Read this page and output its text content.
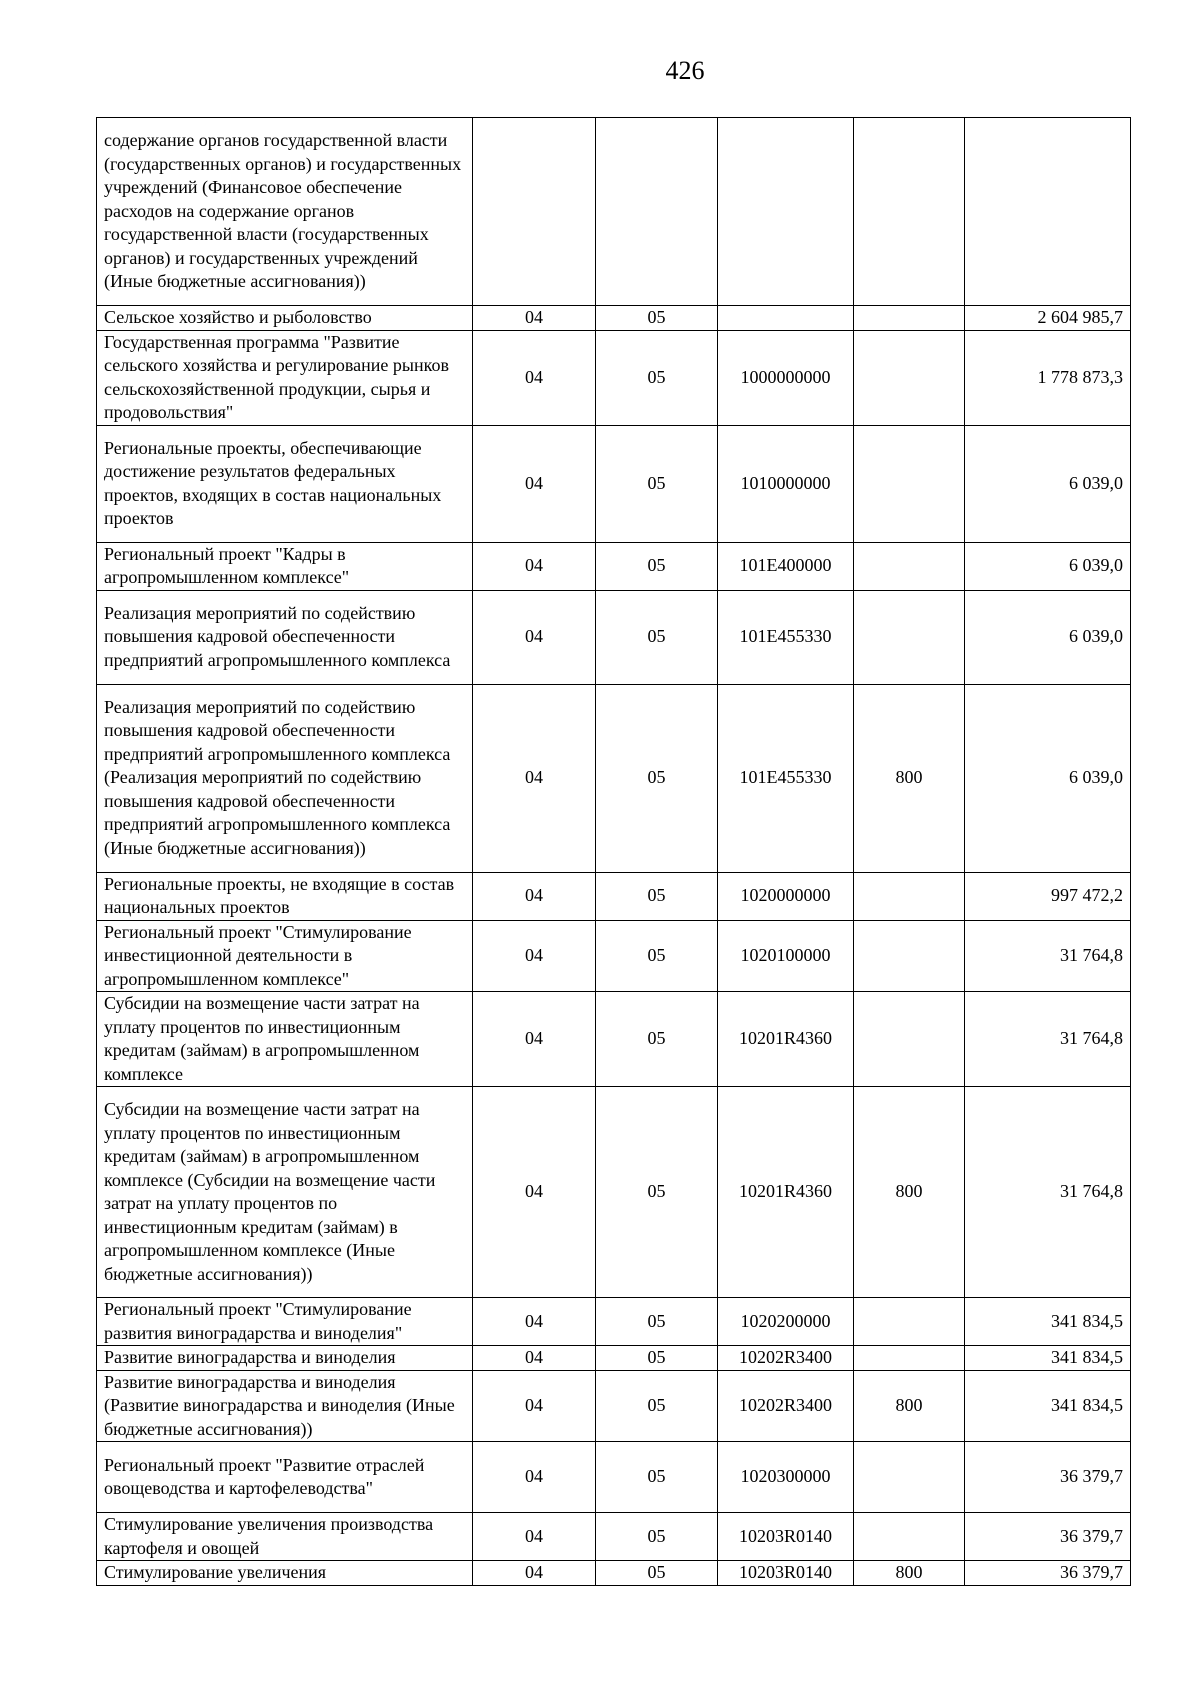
426
содержание органов государственной власти (государственных органов) и государственных учреждений (Финансовое обеспечение расходов на содержание органов государственной власти (государственных органов) и государственных учреждений (Иные бюджетные ассигнования))					
Сельское хозяйство и рыболовство	04	05			2 604 985,7
Государственная программа "Развитие сельского хозяйства и регулирование рынков сельскохозяйственной продукции, сырья и продовольствия"	04	05	1000000000		1 778 873,3
Региональные проекты, обеспечивающие достижение результатов федеральных проектов, входящих в состав национальных проектов	04	05	1010000000		6 039,0
Региональный проект "Кадры в агропромышленном комплексе"	04	05	101Е400000		6 039,0
Реализация мероприятий по содействию повышения кадровой обеспеченности предприятий агропромышленного комплекса	04	05	101Е455330		6 039,0
Реализация мероприятий по содействию повышения кадровой обеспеченности предприятий агропромышленного комплекса (Реализация мероприятий по содействию повышения кадровой обеспеченности предприятий агропромышленного комплекса (Иные бюджетные ассигнования))	04	05	101Е455330	800	6 039,0
Региональные проекты, не входящие в состав национальных проектов	04	05	1020000000		997 472,2
Региональный проект "Стимулирование инвестиционной деятельности в агропромышленном комплексе"	04	05	1020100000		31 764,8
Субсидии на возмещение части затрат на уплату процентов по инвестиционным кредитам (займам) в агропромышленном комплексе	04	05	10201R4360		31 764,8
Субсидии на возмещение части затрат на уплату процентов по инвестиционным кредитам (займам) в агропромышленном комплексе (Субсидии на возмещение части затрат на уплату процентов по инвестиционным кредитам (займам) в агропромышленном комплексе (Иные бюджетные ассигнования))	04	05	10201R4360	800	31 764,8
Региональный проект "Стимулирование развития виноградарства и виноделия"	04	05	1020200000		341 834,5
Развитие виноградарства и виноделия	04	05	10202R3400		341 834,5
Развитие виноградарства и виноделия (Развитие виноградарства и виноделия (Иные бюджетные ассигнования))	04	05	10202R3400	800	341 834,5
Региональный проект "Развитие отраслей овощеводства и картофелеводства"	04	05	1020300000		36 379,7
Стимулирование увеличения производства картофеля и овощей	04	05	10203R0140		36 379,7
Стимулирование увеличения	04	05	10203R0140	800	36 379,7
